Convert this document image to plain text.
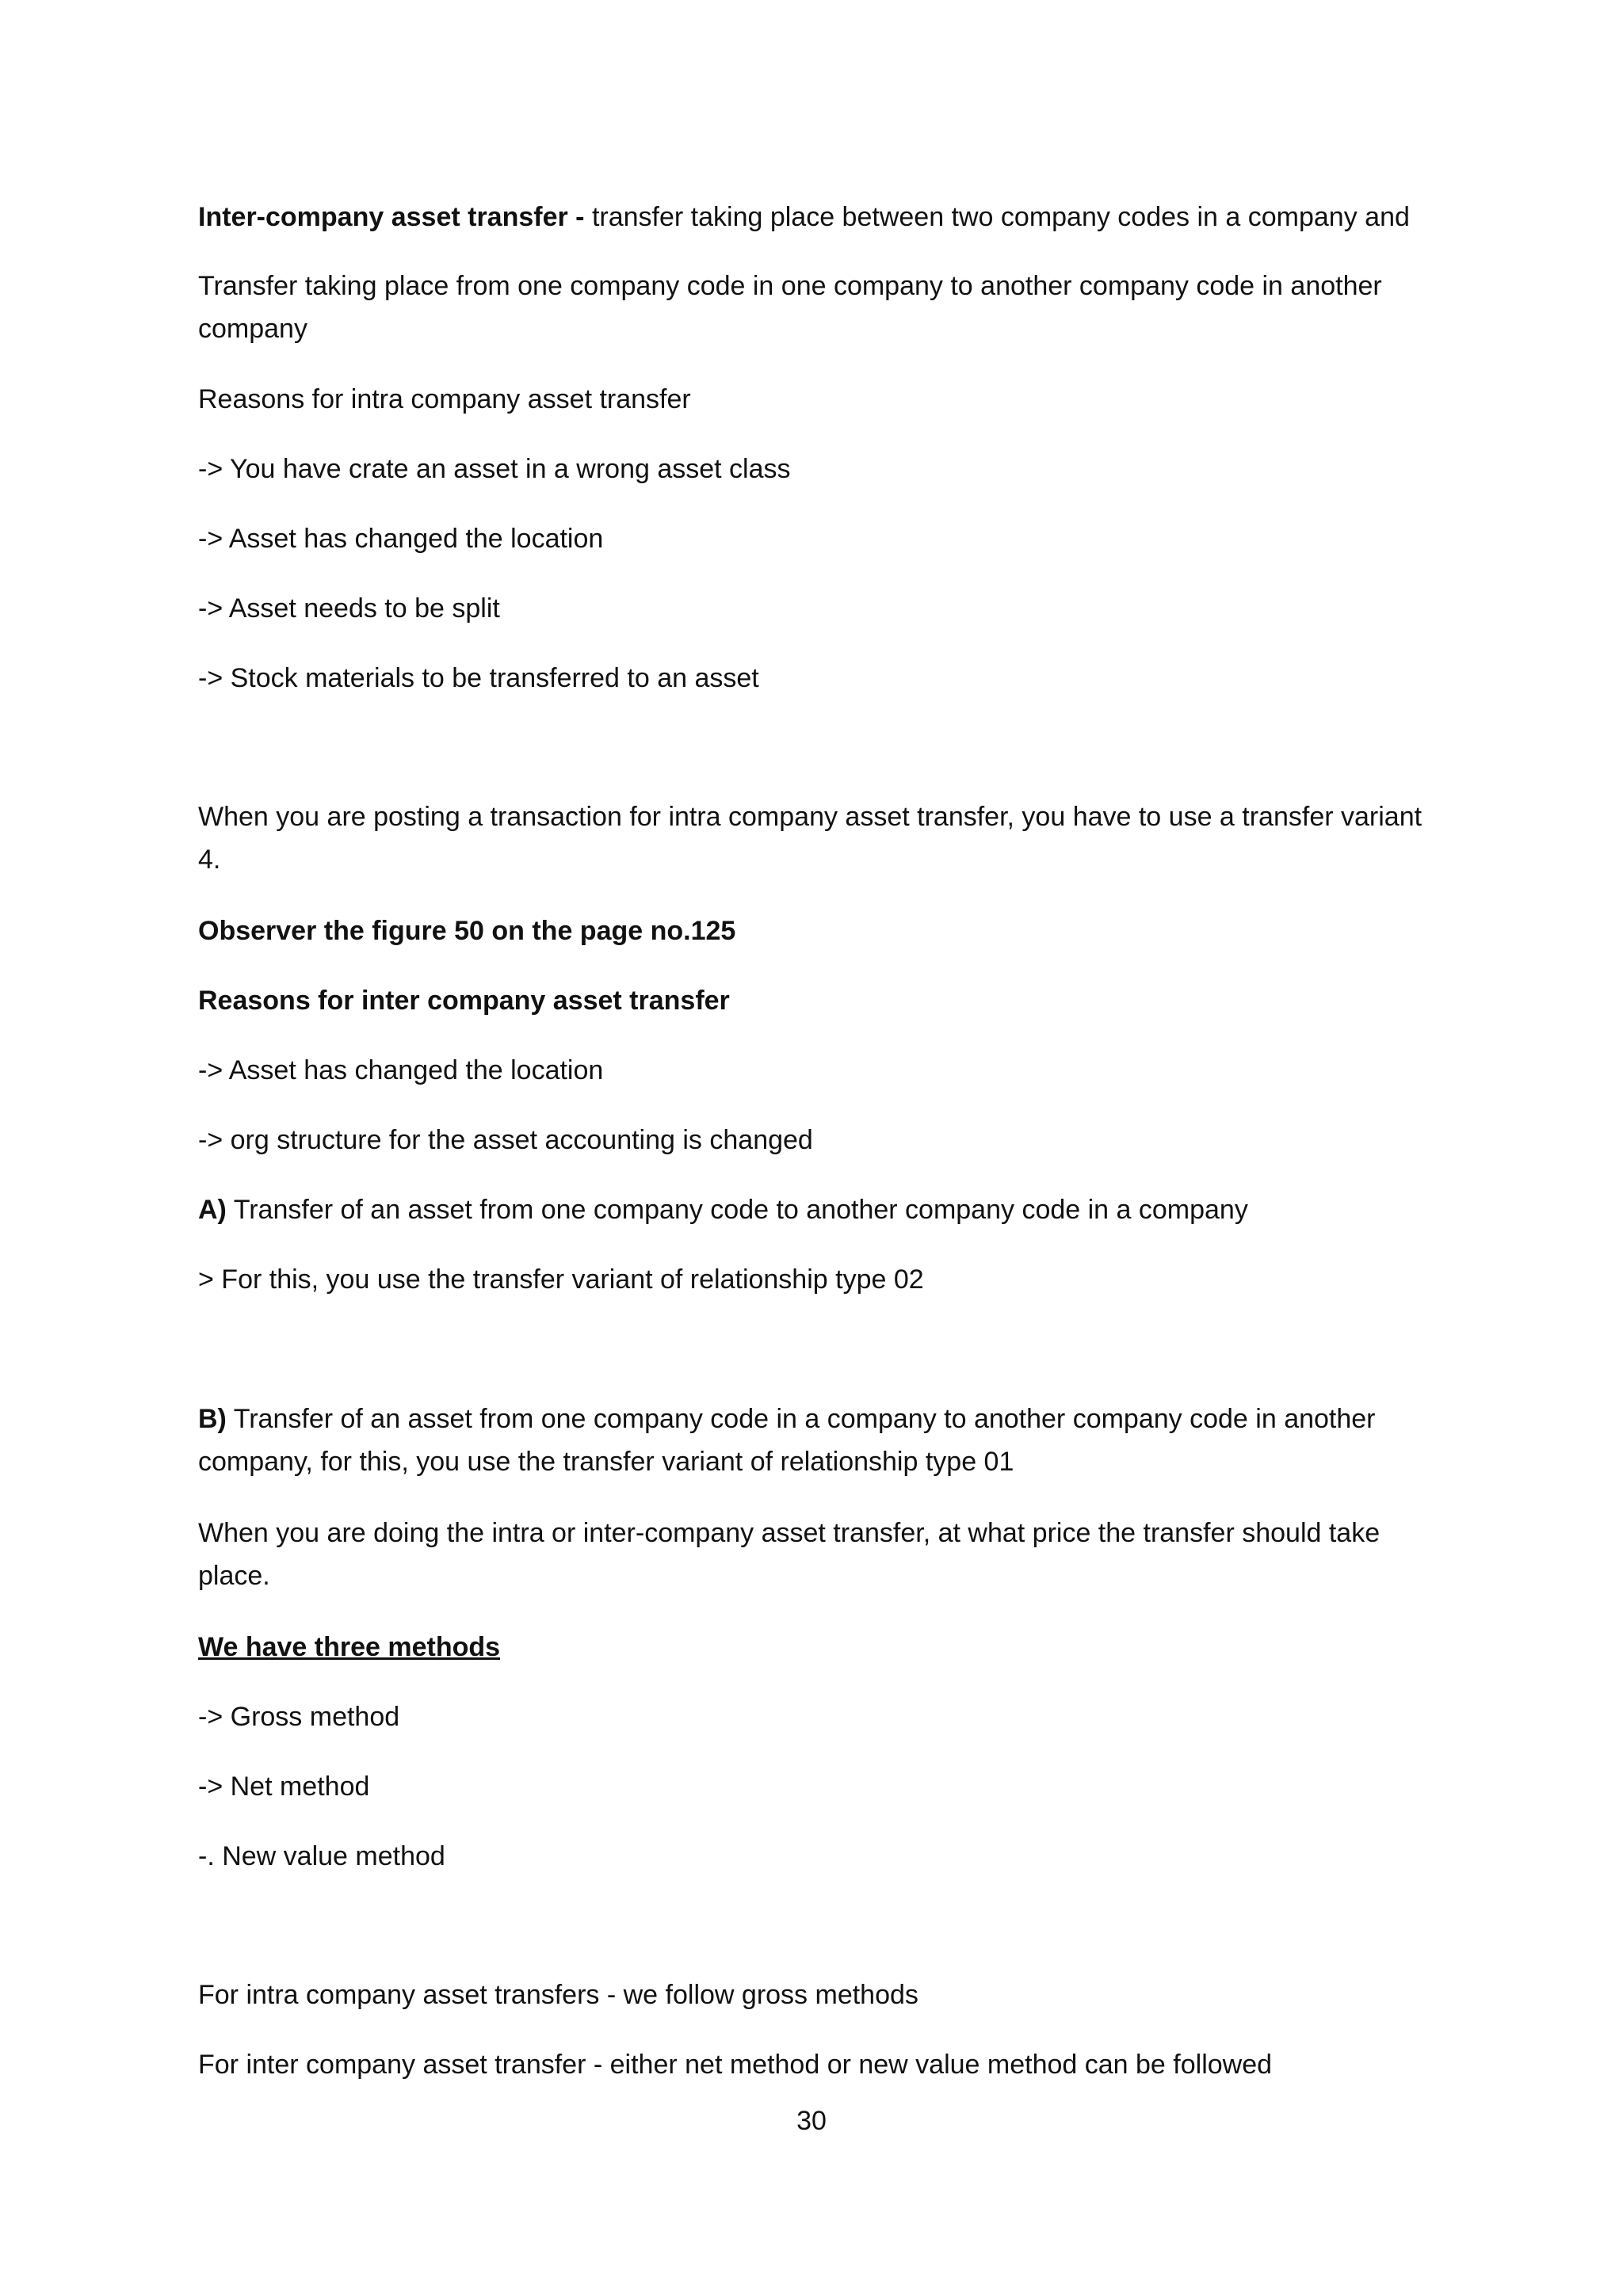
Inter-company asset transfer - transfer taking place between two company codes in a company and

Transfer taking place from one company code in one company to another company code in another company

Reasons for intra company asset transfer

-> You have crate an asset in a wrong asset class

-> Asset has changed the location

-> Asset needs to be split

-> Stock materials to be transferred to an asset

When you are posting a transaction for intra company asset transfer, you have to use a transfer variant 4.

Observer the figure 50 on the page no.125

Reasons for inter company asset transfer

-> Asset has changed the location

-> org structure for the asset accounting is changed

A) Transfer of an asset from one company code to another company code in a company

> For this, you use the transfer variant of relationship type 02

B) Transfer of an asset from one company code in a company to another company code in another company, for this, you use the transfer variant of relationship type 01

When you are doing the intra or inter-company asset transfer, at what price the transfer should take place.

We have three methods

-> Gross method

-> Net method

-. New value method

For intra company asset transfers - we follow gross methods

For inter company asset transfer - either net method or new value method can be followed

30
